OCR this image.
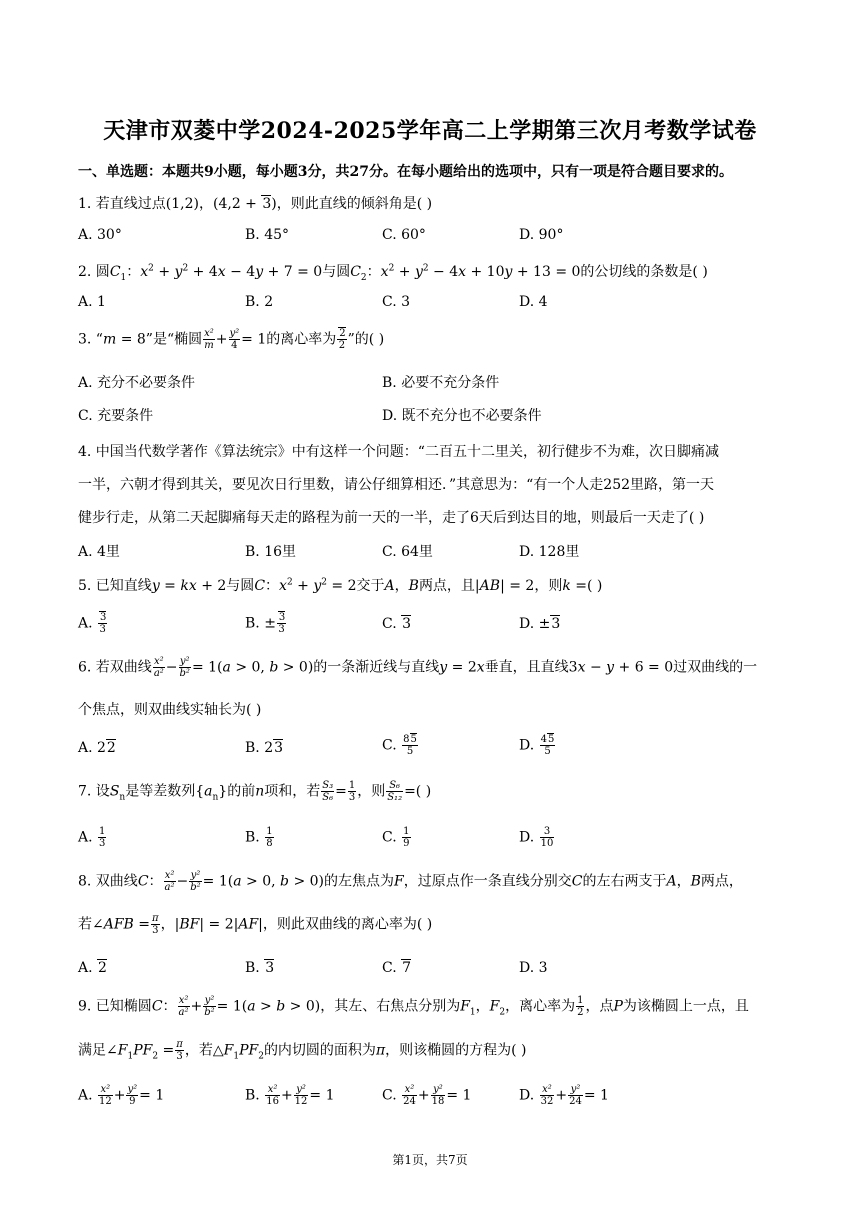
天津市双菱中学2024-2025学年高二上学期第三次月考数学试卷
一、单选题：本题共9小题，每小题3分，共27分。在每小题给出的选项中，只有一项是符合题目要求的。
1. 若直线过点(1,2)，(4,2 + 3)，则此直线的倾斜角是( )
A. 30°	B. 45°	C. 60°	D. 90°
2. 圆$C_1$：$x^2 + y^2 + 4x - 4y + 7 = 0$与圆$C_2$：$x^2 + y^2 - 4x + 10y + 13 = 0$的公切线的条数是( )
A. 1	B. 2	C. 3	D. 4
3. “m = 8”是“椭圆 $\frac{\text{x²}}{m} + \frac{\text{y²}}{4} = 1$的离心率为 $\frac{2}{2}$ ”的( )
A. 充分不必要条件	B. 必要不充分条件
C. 充要条件	D. 既不充分也不必要条件
4. 中国当代数学著作《算法统宗》中有这样一个问题：“二百五十二里关，初行健步不为难，次日脚痛减
一半，六朝才得到其关，要见次日行里数，请公仔细算相还．”其意思为：“有一个人走252里路，第一天
健步行走，从第二天起脚痛每天走的路程为前一天的一半，走了6天后到达目的地，则最后一天走了( )
A. 4里	B. 16里	C. 64里	D. 128里
5. 已知直线y = kx + 2与圆C：$x^2 + y^2 = 2$交于A，B两点，且|AB| = 2，则k =( )
A. $\frac{3}{3}$	B. ± $\frac{3}{3}$	C. 3	D. ±3
6. 若双曲线 $\frac{\text{x²}}{\text{a²}} - \frac{\text{y²}}{\text{b²}} = 1(a > 0$, b > 0)的一条渐近线与直线y = 2x垂直，且直线3x − y + 6 = 0过双曲线的一
个焦点，则双曲线实轴长为( )
A. 22	B. 23	C. $\frac{85}{5}$	D. $\frac{45}{5}$
7. 设$S_n$是等差数列$\{a_n\}$的前n项和，若 $\frac{\text{S₃}}{\text{S₆}} = \frac{1}{3}$ ，则 $\frac{\text{S₆}}{\text{S₁₂}}$ =( )
A. $\frac{1}{3}$	B. $\frac{1}{8}$	C. $\frac{1}{9}$	D. $\frac{3}{10}$
8. 双曲线C： $\frac{\text{x²}}{\text{a²}} - \frac{\text{y²}}{\text{b²}} = 1(a > 0$, b > 0)的左焦点为F，过原点作一条直线分别交C的左右两支于A，B两点，
若∠AFB = $\frac{\pi}{3}$ ，|BF| = 2|AF|，则此双曲线的离心率为( )
A. 2	B. 3	C. 7	D. 3
9. 已知椭圆C： $\frac{\text{x²}}{\text{a²}} + \frac{\text{y²}}{\text{b²}} = 1(a > b > 0)$，其左、右焦点分别为$F_1$，$F_2$，离心率为 $\frac{1}{2}$ ，点P为该椭圆上一点，且
满足$\angle F_1PF_2 = \frac{\pi}{3}$ ，若$\triangle F_1PF_2$的内切圆的面积为π，则该椭圆的方程为( )
A. $\frac{\text{x²}}{12} + \frac{\text{y²}}{9} = 1$	B. $\frac{\text{x²}}{16} + \frac{\text{y²}}{12} = 1$	C. $\frac{\text{x²}}{24} + \frac{\text{y²}}{18} = 1$	D. $\frac{\text{x²}}{32} + \frac{\text{y²}}{24} = 1$
第1页，共7页
